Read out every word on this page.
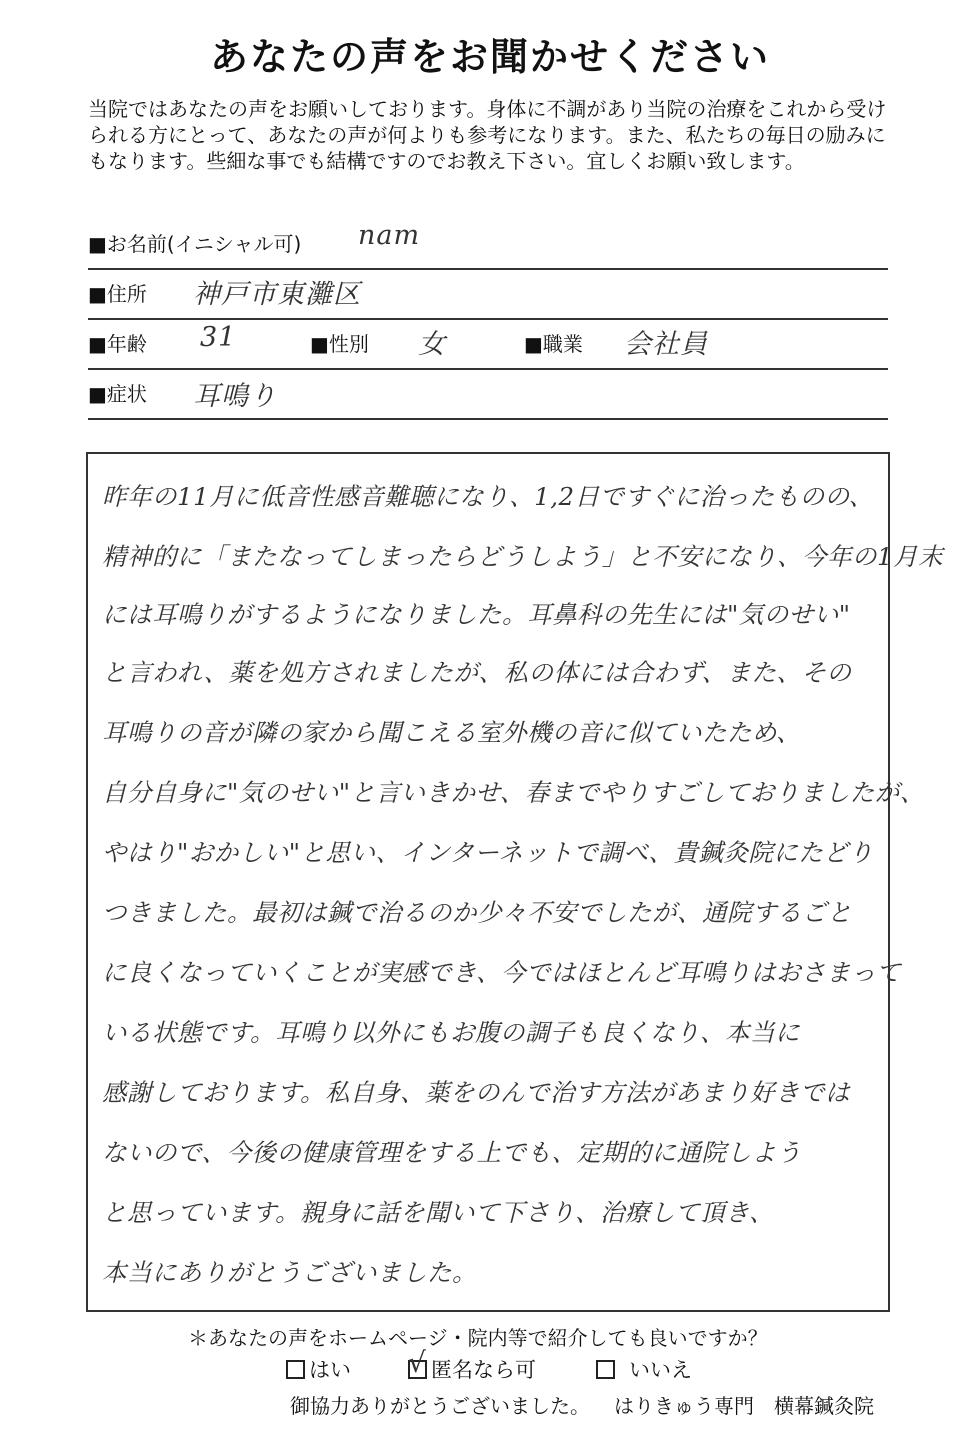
あなたの声をお聞かせください

当院ではあなたの声をお願いしております。身体に不調があり当院の治療をこれから受けられる方にとって、あなたの声が何よりも参考になります。また、私たちの毎日の励みにもなります。些細な事でも結構ですのでお教え下さい。宜しくお願い致します。

■お名前(イニシャル可) nam
■住所 神戸市東灘区
■年齢 31	■性別 女	■職業 会社員
■症状 耳鳴り
昨年の11月に低音性感音難聴になり、1,2日ですぐに治ったものの、
精神的に「またなってしまったらどうしよう」と不安になり、今年の1月末
には耳鳴りがするようになりました。耳鼻科の先生には"気のせい"
と言われ、薬を処方されましたが、私の体には合わず、また、その
耳鳴りの音が隣の家から聞こえる室外機の音に似ていたため、
自分自身に"気のせい"と言いきかせ、春までやりすごしておりましたが、
やはり"おかしい"と思い、インターネットで調べ、貴鍼灸院にたどり
つきました。最初は鍼で治るのか少々不安でしたが、通院するごと
に良くなっていくことが実感でき、今ではほとんど耳鳴りはおさまって
いる状態です。耳鳴り以外にもお腹の調子も良くなり、本当に
感謝しております。私自身、薬をのんで治す方法があまり好きでは
ないので、今後の健康管理をする上でも、定期的に通院しよう
と思っています。親身に話を聞いて下さり、治療して頂き、
本当にありがとうございました。
＊あなたの声をホームページ・院内等で紹介しても良いですか？
はい √ 匿名なら可	いいえ
御協力ありがとうございました。 はりきゅう専門　横幕鍼灸院
